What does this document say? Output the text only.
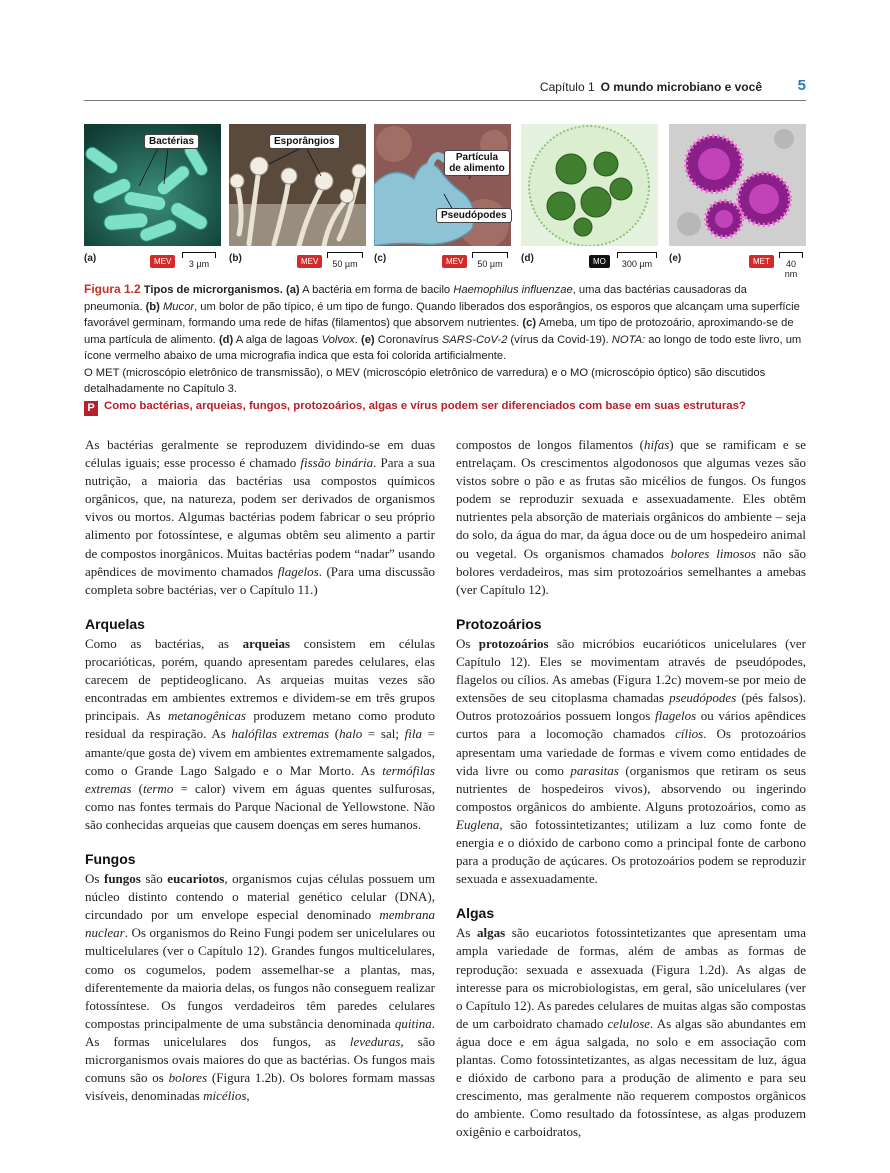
Capítulo 1 O mundo microbiano e você 5
Bactérias
(a)	MEV	3 µm
Esporângios
(b)	MEV	50 µm
Partícula de alimento
Pseudópodes
(c)	MEV	50 µm	(d)	MO	300 µm	(e)	MET	40 nm
Figura 1.2 Tipos de microrganismos. (a) A bactéria em forma de bacilo Haemophilus influenzae, uma das bactérias causadoras da pneumonia. (b) Mucor, um bolor de pão típico, é um tipo de fungo. Quando liberados dos esporângios, os esporos que alcançam uma superfície favorável germinam, formando uma rede de hifas (filamentos) que absorvem nutrientes. (c) Ameba, um tipo de protozoário, aproximando-se de uma partícula de alimento. (d) A alga de lagoas Volvox. (e) Coronavírus SARS-CoV-2 (vírus da Covid-19). NOTA: ao longo de todo este livro, um ícone vermelho abaixo de uma micrografia indica que esta foi colorida artificialmente.
O MET (microscópio eletrônico de transmissão), o MEV (microscópio eletrônico de varredura) e o MO (microscópio óptico) são discutidos detalhadamente no Capítulo 3.
P Como bactérias, arqueias, fungos, protozoários, algas e vírus podem ser diferenciados com base em suas estruturas?

As bactérias geralmente se reproduzem dividindo-se em duas células iguais; esse processo é chamado fissão binária. Para a sua nutrição, a maioria das bactérias usa compostos químicos orgânicos, que, na natureza, podem ser derivados de organismos vivos ou mortos. Algumas bactérias podem fabricar o seu próprio alimento por fotossíntese, e algumas obtêm seu alimento a partir de compostos inorgânicos. Muitas bactérias podem “nadar” usando apêndices de movimento chamados flagelos. (Para uma discussão completa sobre bactérias, ver o Capítulo 11.)

Arquelas

Como as bactérias, as arqueias consistem em células procarióticas, porém, quando apresentam paredes celulares, elas carecem de peptideoglicano. As arqueias muitas vezes são encontradas em ambientes extremos e dividem-se em três grupos principais. As metanogênicas produzem metano como produto residual da respiração. As halófilas extremas (halo = sal; fila = amante/que gosta de) vivem em ambientes extremamente salgados, como o Grande Lago Salgado e o Mar Morto. As termófilas extremas (termo = calor) vivem em águas quentes sulfurosas, como nas fontes termais do Parque Nacional de Yellowstone. Não são conhecidas arqueias que causem doenças em seres humanos.

Fungos

Os fungos são eucariotos, organismos cujas células possuem um núcleo distinto contendo o material genético celular (DNA), circundado por um envelope especial denominado membrana nuclear. Os organismos do Reino Fungi podem ser unicelulares ou multicelulares (ver o Capítulo 12). Grandes fungos multicelulares, como os cogumelos, podem assemelhar-se a plantas, mas, diferentemente da maioria delas, os fungos não conseguem realizar fotossíntese. Os fungos verdadeiros têm paredes celulares compostas principalmente de uma substância denominada quitina. As formas unicelulares dos fungos, as leveduras, são microrganismos ovais maiores do que as bactérias. Os fungos mais comuns são os bolores (Figura 1.2b). Os bolores formam massas visíveis, denominadas micélios,

compostos de longos filamentos (hifas) que se ramificam e se entrelaçam. Os crescimentos algodonosos que algumas vezes são vistos sobre o pão e as frutas são micélios de fungos. Os fungos podem se reproduzir sexuada e assexuadamente. Eles obtêm nutrientes pela absorção de materiais orgânicos do ambiente – seja do solo, da água do mar, da água doce ou de um hospedeiro animal ou vegetal. Os organismos chamados bolores limosos não são bolores verdadeiros, mas sim protozoários semelhantes a amebas (ver Capítulo 12).

Protozoários

Os protozoários são micróbios eucarióticos unicelulares (ver Capítulo 12). Eles se movimentam através de pseudópodes, flagelos ou cílios. As amebas (Figura 1.2c) movem-se por meio de extensões de seu citoplasma chamadas pseudópodes (pés falsos). Outros protozoários possuem longos flagelos ou vários apêndices curtos para a locomoção chamados cílios. Os protozoários apresentam uma variedade de formas e vivem como entidades de vida livre ou como parasitas (organismos que retiram os seus nutrientes de hospedeiros vivos), absorvendo ou ingerindo compostos orgânicos do ambiente. Alguns protozoários, como as Euglena, são fotossintetizantes; utilizam a luz como fonte de energia e o dióxido de carbono como a principal fonte de carbono para a produção de açúcares. Os protozoários podem se reproduzir sexuada e assexuadamente.

Algas

As algas são eucariotos fotossintetizantes que apresentam uma ampla variedade de formas, além de ambas as formas de reprodução: sexuada e assexuada (Figura 1.2d). As algas de interesse para os microbiologistas, em geral, são unicelulares (ver o Capítulo 12). As paredes celulares de muitas algas são compostas de um carboidrato chamado celulose. As algas são abundantes em água doce e em água salgada, no solo e em associação com plantas. Como fotossintetizantes, as algas necessitam de luz, água e dióxido de carbono para a produção de alimento e para seu crescimento, mas geralmente não requerem compostos orgânicos do ambiente. Como resultado da fotossíntese, as algas produzem oxigênio e carboidratos,
